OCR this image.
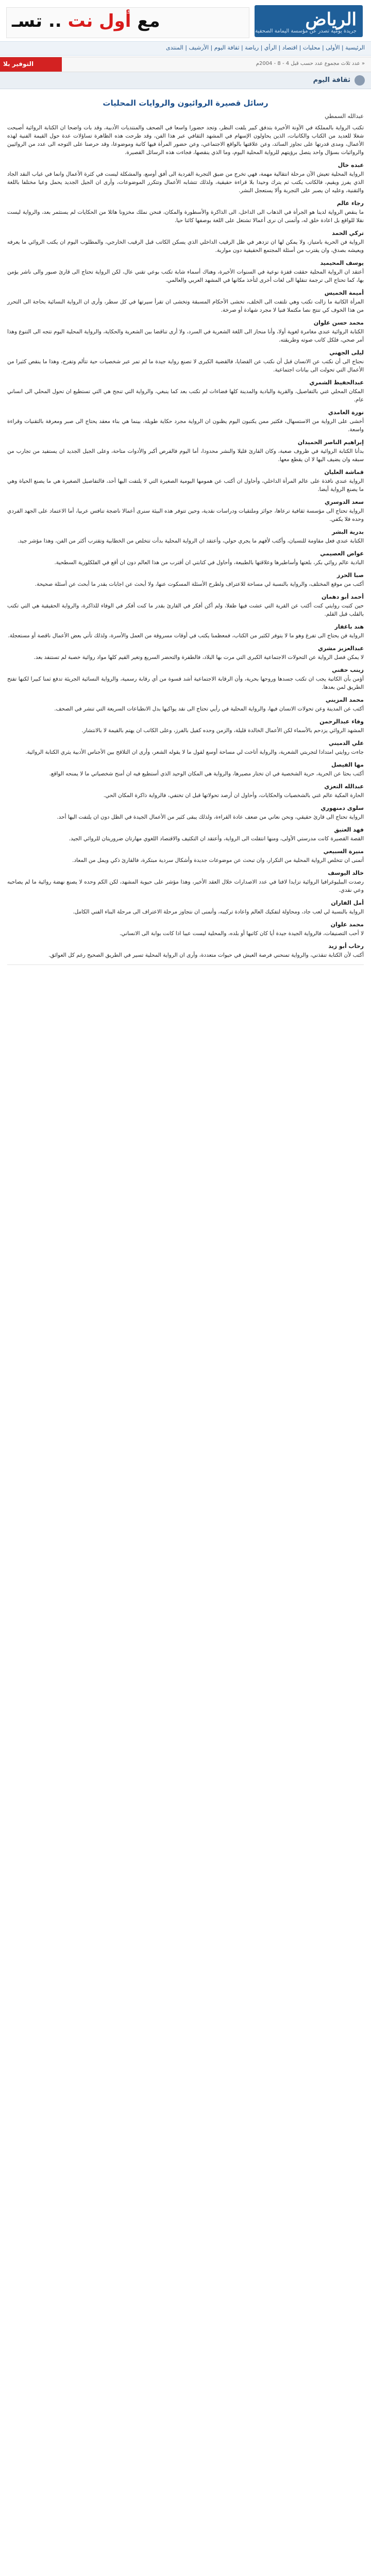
الرياض
جريدة يومية تصدر عن مؤسسة اليمامة الصحفية
مع أول نت .. تسـ
الرئيسية | الأولى | محليات | اقتصاد | الرأي | رياضة | ثقافة اليوم | الأرشيف | المنتدى
التوفير بلا	« عدد ثلاث مجموع عدد حسب قبل 4 - 8 - 2004م
ثقافة اليوم
رسائل قصيرة الروائيون والروايات المحليات
عبدالله السمطي

تكتب الرواية بالمملكة في الآونة الأخيرة بتدفق كبير يلفت النظر، وتجد حضورا واسعا في الصحف والمنتديات الأدبية، وقد بات واضحا ان الكتابة الروائية أصبحت شغلا للعديد من الكتاب والكاتبات، الذين يحاولون الإسهام في المشهد الثقافي عبر هذا الفن، وقد طرحت هذه الظاهرة تساؤلات عدة حول القيمة الفنية لهذه الأعمال، ومدى قدرتها على تجاوز السائد، وعن علاقتها بالواقع الاجتماعي، وعن حضور المرأة فيها كاتبة وموضوعا، وقد حرصنا على التوجه الى عدد من الروائيين والروائيات بسؤال واحد يتصل برؤيتهم للرواية المحلية اليوم، وما الذي ينقصها، فجاءت هذه الرسائل القصيرة.

عبده خال

الرواية المحلية تعيش الآن مرحلة انتقالية مهمة، فهي تخرج من ضيق التجربة الفردية الى أفق أوسع، والمشكلة ليست في كثرة الأعمال وانما في غياب النقد الجاد الذي يفرز ويقيم، فالكاتب يكتب ثم يترك وحيدا بلا قراءة حقيقية، ولذلك تتشابه الأعمال وتتكرر الموضوعات، وأرى ان الجيل الجديد يحمل وعيا مختلفا باللغة والتقنية، وعليه ان يصبر على التجربة وألا يستعجل النشر.

رجاء عالم

ما ينقص الرواية لدينا هو الجرأة في الذهاب الى الداخل، الى الذاكرة والأسطورة والمكان، فنحن نملك مخزونا هائلا من الحكايات لم يستثمر بعد، والرواية ليست نقلا للواقع بل اعادة خلق له، وأتمنى ان نرى أعمالا تشتغل على اللغة بوصفها كائنا حيا.

تركي الحمد

الرواية فن الحرية بامتياز، ولا يمكن لها ان تزدهر في ظل الرقيب الداخلي الذي يسكن الكاتب قبل الرقيب الخارجي، والمطلوب اليوم ان يكتب الروائي ما يعرفه ويعيشه بصدق، وان يقترب من أسئلة المجتمع الحقيقية دون مواربة.

يوسف المحيميد

أعتقد ان الرواية المحلية حققت قفزة نوعية في السنوات الأخيرة، وهناك أسماء شابة تكتب بوعي تقني عال، لكن الرواية تحتاج الى قارئ صبور والى ناشر يؤمن بها، كما تحتاج الى ترجمة تنقلها الى لغات أخرى لتأخذ مكانها في المشهد العربي والعالمي.

أميمة الخميس

المرأة الكاتبة ما زالت تكتب وهي تلتفت الى الخلف، تخشى الأحكام المسبقة وتخشى ان تقرأ سيرتها في كل سطر، وأرى ان الرواية النسائية بحاجة الى التحرر من هذا الخوف كي تنتج نصا مكتملا فنيا لا مجرد شهادة أو صرخة.

محمد حسن علوان

الكتابة الروائية عندي مغامرة لغوية أولا، وأنا منحاز الى اللغة الشعرية في السرد، ولا أرى تناقضا بين الشعرية والحكاية، والرواية المحلية اليوم تتجه الى التنوع وهذا أمر صحي، فلكل كاتب صوته وطريقته.

ليلى الجهني

نحتاج الى أن نكتب عن الانسان قبل أن نكتب عن القضايا، فالقضية الكبرى لا تصنع رواية جيدة ما لم تمر عبر شخصيات حية تتألم وتفرح، وهذا ما ينقص كثيرا من الأعمال التي تحولت الى بيانات اجتماعية.

عبدالحفيظ الشمري

المكان المحلي غني بالتفاصيل، والقرية والبادية والمدينة كلها فضاءات لم تكتب بعد كما ينبغي، والرواية التي تنجح هي التي تستطيع ان تحول المحلي الى انساني عام.

نورة الغامدي

أخشى على الرواية من الاستسهال، فكثير ممن يكتبون اليوم يظنون ان الرواية مجرد حكاية طويلة، بينما هي بناء معقد يحتاج الى صبر ومعرفة بالتقنيات وقراءة واسعة.

إبراهيم الناصر الحميدان

بدأنا الكتابة الروائية في ظروف صعبة، وكان القارئ قليلا والنشر محدودا، أما اليوم فالفرص أكبر والأدوات متاحة، وعلى الجيل الجديد ان يستفيد من تجارب من سبقه وان يضيف اليها لا ان يقطع معها.

قماشة العليان

الرواية عندي نافذة على عالم المرأة الداخلي، وأحاول ان أكتب عن همومها اليومية الصغيرة التي لا يلتفت اليها أحد، فالتفاصيل الصغيرة هي ما يصنع الحياة وهي ما يصنع الرواية أيضا.

سعد الدوسري

الرواية تحتاج الى مؤسسة ثقافية ترعاها، جوائز وملتقيات ودراسات نقدية، وحين تتوفر هذه البيئة سنرى أعمالا ناضجة تنافس عربيا، أما الاعتماد على الجهد الفردي وحده فلا يكفي.

بدرية البشر

الكتابة عندي فعل مقاومة للنسيان، وأكتب لأفهم ما يجري حولي، وأعتقد ان الرواية المحلية بدأت تتخلص من الخطابية وتقترب أكثر من الفن، وهذا مؤشر جيد.

عواض العصيمي

البادية عالم روائي بكر، بلغتها وأساطيرها وعلاقتها بالطبيعة، وأحاول في كتابتي ان أقترب من هذا العالم دون ان أقع في الفلكلورية السطحية.

صبا الحرز

أكتب من موقع المختلف، والرواية بالنسبة لي مساحة للاعتراف ولطرح الأسئلة المسكوت عنها، ولا أبحث عن اجابات بقدر ما أبحث عن أسئلة صحيحة.

أحمد أبو دهمان

حين كتبت روايتي كنت أكتب عن القرية التي عشت فيها طفلا، ولم أكن أفكر في القارئ بقدر ما كنت أفكر في الوفاء للذاكرة، والرواية الحقيقية هي التي تكتب بالقلب قبل القلم.

هند باغفار

الرواية فن يحتاج الى تفرغ وهو ما لا يتوفر لكثير من الكتاب، فمعظمنا يكتب في أوقات مسروقة من العمل والأسرة، ولذلك تأتي بعض الأعمال ناقصة أو مستعجلة.

عبدالعزيز مشري

لا يمكن فصل الرواية عن التحولات الاجتماعية الكبرى التي مرت بها البلاد، فالطفرة والتحضر السريع وتغير القيم كلها مواد روائية خصبة لم تستنفد بعد.

زينب حفني

أؤمن بأن الكاتبة يجب ان تكتب جسدها وروحها بحرية، وأن الرقابة الاجتماعية أشد قسوة من أي رقابة رسمية، والرواية النسائية الجريئة تدفع ثمنا كبيرا لكنها تفتح الطريق لمن بعدها.

محمد المزيني

أكتب عن المدينة وعن تحولات الانسان فيها، والرواية المحلية في رأيي تحتاج الى نقد يواكبها بدل الانطباعات السريعة التي تنشر في الصحف.

وفاء عبدالرحمن

المشهد الروائي يزدحم بالأسماء لكن الأعمال الخالدة قليلة، والزمن وحده كفيل بالفرز، وعلى الكاتب ان يهتم بالقيمة لا بالانتشار.

علي الدميني

جاءت روايتي امتدادا لتجربتي الشعرية، والرواية أتاحت لي مساحة أوسع لقول ما لا يقوله الشعر، وأرى ان التلاقح بين الأجناس الأدبية يثري الكتابة الروائية.

مها الفيصل

أكتب بحثا عن الحرية، حرية الشخصية في ان تختار مصيرها، والرواية هي المكان الوحيد الذي أستطيع فيه ان أمنح شخصياتي ما لا يمنحه الواقع.

عبدالله التعزي

الحارة المكية عالم غني بالشخصيات والحكايات، وأحاول ان أرصد تحولاتها قبل ان تختفي، فالرواية ذاكرة المكان الحي.

سلوى دمنهوري

الرواية تحتاج الى قارئ حقيقي، ونحن نعاني من ضعف عادة القراءة، ولذلك يبقى كثير من الأعمال الجيدة في الظل دون ان يلتفت اليها أحد.

فهد العتيق

القصة القصيرة كانت مدرستي الأولى، ومنها انتقلت الى الرواية، وأعتقد ان التكثيف والاقتصاد اللغوي مهارتان ضروريتان للروائي الجيد.

منيرة السبيعي

أتمنى ان تتخلص الرواية المحلية من التكرار، وان تبحث عن موضوعات جديدة وأشكال سردية مبتكرة، فالقارئ ذكي ويمل من المعاد.

خالد اليوسف

رصدت الببليوغرافيا الروائية تزايدا لافتا في عدد الاصدارات خلال العقد الأخير، وهذا مؤشر على حيوية المشهد، لكن الكم وحده لا يصنع نهضة روائية ما لم يصاحبه وعي نقدي.

أمل الفاران

الرواية بالنسبة لي لعب جاد، ومحاولة لتفكيك العالم واعادة تركيبه، وأتمنى ان نتجاوز مرحلة الاعتراف الى مرحلة البناء الفني الكامل.

محمد علوان

لا أحب التصنيفات، فالرواية الجيدة جيدة أيا كان كاتبها أو بلده، والمحلية ليست عيبا اذا كانت بوابة الى الانساني.

رحاب أبو زيد

أكتب لأن الكتابة تنقذني، والرواية تمنحني فرصة العيش في حيوات متعددة، وأرى ان الرواية المحلية تسير في الطريق الصحيح رغم كل العوائق.
